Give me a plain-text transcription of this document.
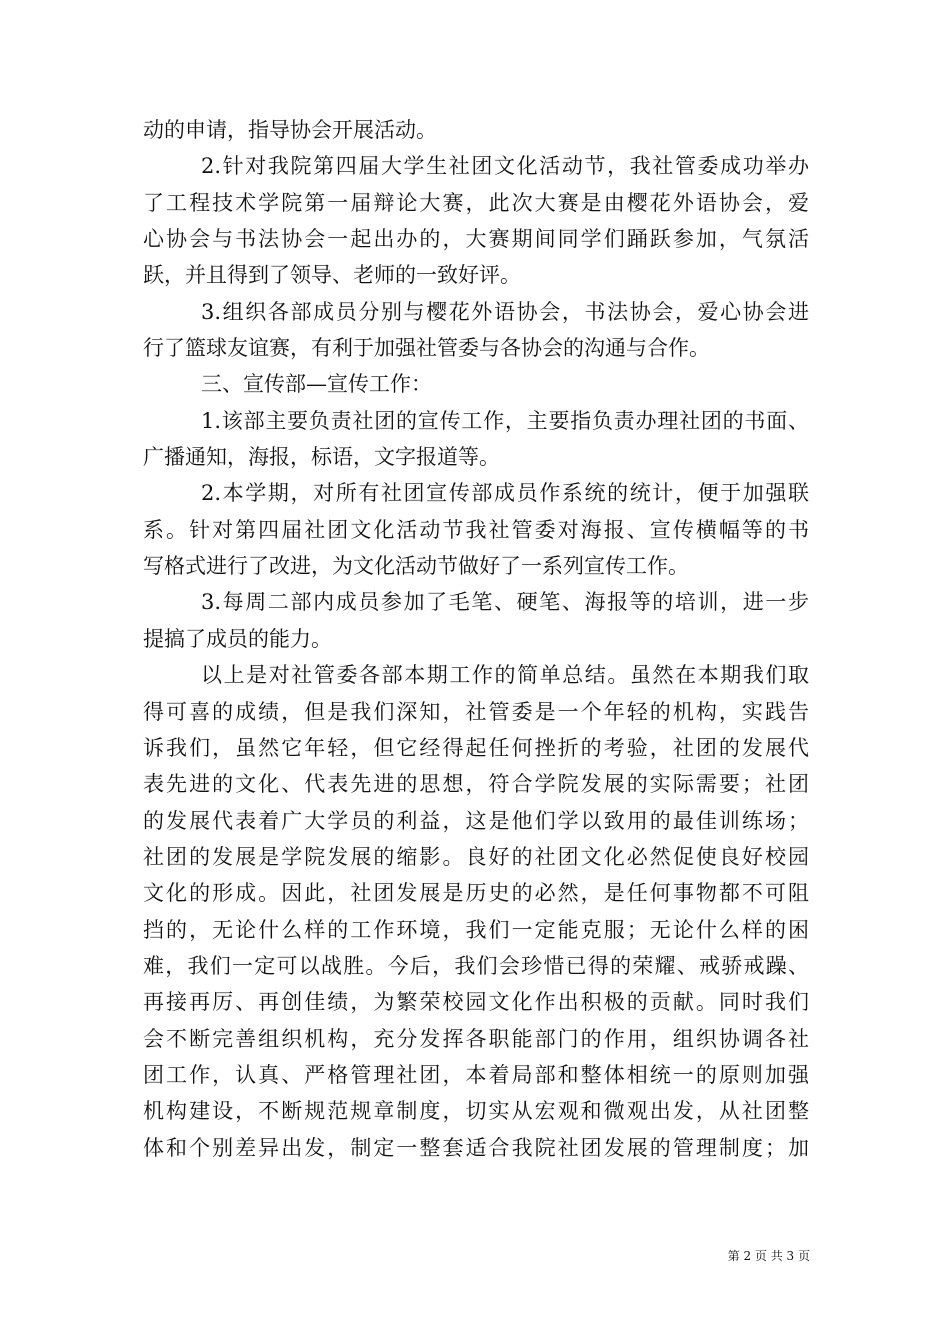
动的申请，指导协会开展活动。
2.针对我院第四届大学生社团文化活动节，我社管委成功举办
了工程技术学院第一届辩论大赛，此次大赛是由樱花外语协会，爱
心协会与书法协会一起出办的，大赛期间同学们踊跃参加，气氛活
跃，并且得到了领导、老师的一致好评。
3.组织各部成员分别与樱花外语协会，书法协会，爱心协会进
行了篮球友谊赛，有利于加强社管委与各协会的沟通与合作。
三、宣传部—宣传工作：
1.该部主要负责社团的宣传工作，主要指负责办理社团的书面、
广播通知，海报，标语，文字报道等。
2.本学期，对所有社团宣传部成员作系统的统计，便于加强联
系。针对第四届社团文化活动节我社管委对海报、宣传横幅等的书
写格式进行了改进，为文化活动节做好了一系列宣传工作。
3.每周二部内成员参加了毛笔、硬笔、海报等的培训，进一步
提搞了成员的能力。
以上是对社管委各部本期工作的简单总结。虽然在本期我们取
得可喜的成绩，但是我们深知，社管委是一个年轻的机构，实践告
诉我们，虽然它年轻，但它经得起任何挫折的考验，社团的发展代
表先进的文化、代表先进的思想，符合学院发展的实际需要；社团
的发展代表着广大学员的利益，这是他们学以致用的最佳训练场；
社团的发展是学院发展的缩影。良好的社团文化必然促使良好校园
文化的形成。因此，社团发展是历史的必然，是任何事物都不可阻
挡的，无论什么样的工作环境，我们一定能克服；无论什么样的困
难，我们一定可以战胜。今后，我们会珍惜已得的荣耀、戒骄戒躁、
再接再厉、再创佳绩，为繁荣校园文化作出积极的贡献。同时我们
会不断完善组织机构，充分发挥各职能部门的作用，组织协调各社
团工作，认真、严格管理社团，本着局部和整体相统一的原则加强
机构建设，不断规范规章制度，切实从宏观和微观出发，从社团整
体和个别差异出发，制定一整套适合我院社团发展的管理制度；加
第 2 页 共 3 页
